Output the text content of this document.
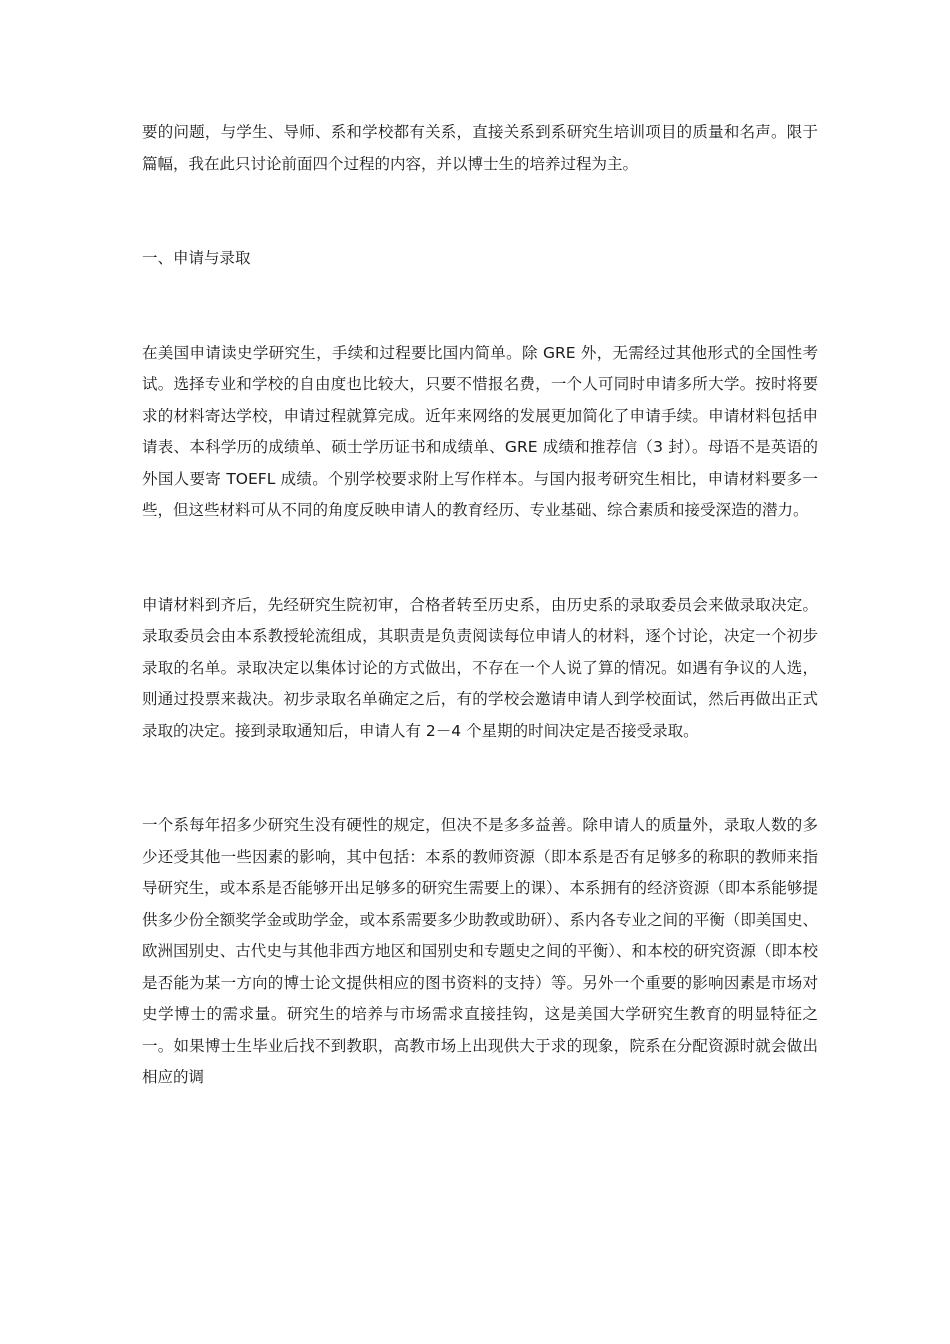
要的问题，与学生、导师、系和学校都有关系，直接关系到系研究生培训项目的质量和名声。限于篇幅，我在此只讨论前面四个过程的内容，并以博士生的培养过程为主。

一、申请与录取

在美国申请读史学研究生，手续和过程要比国内简单。除 GRE 外，无需经过其他形式的全国性考试。选择专业和学校的自由度也比较大，只要不惜报名费，一个人可同时申请多所大学。按时将要求的材料寄达学校，申请过程就算完成。近年来网络的发展更加简化了申请手续。申请材料包括申请表、本科学历的成绩单、硕士学历证书和成绩单、GRE 成绩和推荐信（3 封）。母语不是英语的外国人要寄 TOEFL 成绩。个别学校要求附上写作样本。与国内报考研究生相比，申请材料要多一些，但这些材料可从不同的角度反映申请人的教育经历、专业基础、综合素质和接受深造的潜力。

申请材料到齐后，先经研究生院初审，合格者转至历史系，由历史系的录取委员会来做录取决定。录取委员会由本系教授轮流组成，其职责是负责阅读每位申请人的材料，逐个讨论，决定一个初步录取的名单。录取决定以集体讨论的方式做出，不存在一个人说了算的情况。如遇有争议的人选，则通过投票来裁决。初步录取名单确定之后，有的学校会邀请申请人到学校面试，然后再做出正式录取的决定。接到录取通知后，申请人有 2－4 个星期的时间决定是否接受录取。

一个系每年招多少研究生没有硬性的规定，但决不是多多益善。除申请人的质量外，录取人数的多少还受其他一些因素的影响，其中包括：本系的教师资源（即本系是否有足够多的称职的教师来指导研究生，或本系是否能够开出足够多的研究生需要上的课）、本系拥有的经济资源（即本系能够提供多少份全额奖学金或助学金，或本系需要多少助教或助研）、系内各专业之间的平衡（即美国史、欧洲国别史、古代史与其他非西方地区和国别史和专题史之间的平衡）、和本校的研究资源（即本校是否能为某一方向的博士论文提供相应的图书资料的支持）等。另外一个重要的影响因素是市场对史学博士的需求量。研究生的培养与市场需求直接挂钩，这是美国大学研究生教育的明显特征之一。如果博士生毕业后找不到教职，高教市场上出现供大于求的现象，院系在分配资源时就会做出相应的调
